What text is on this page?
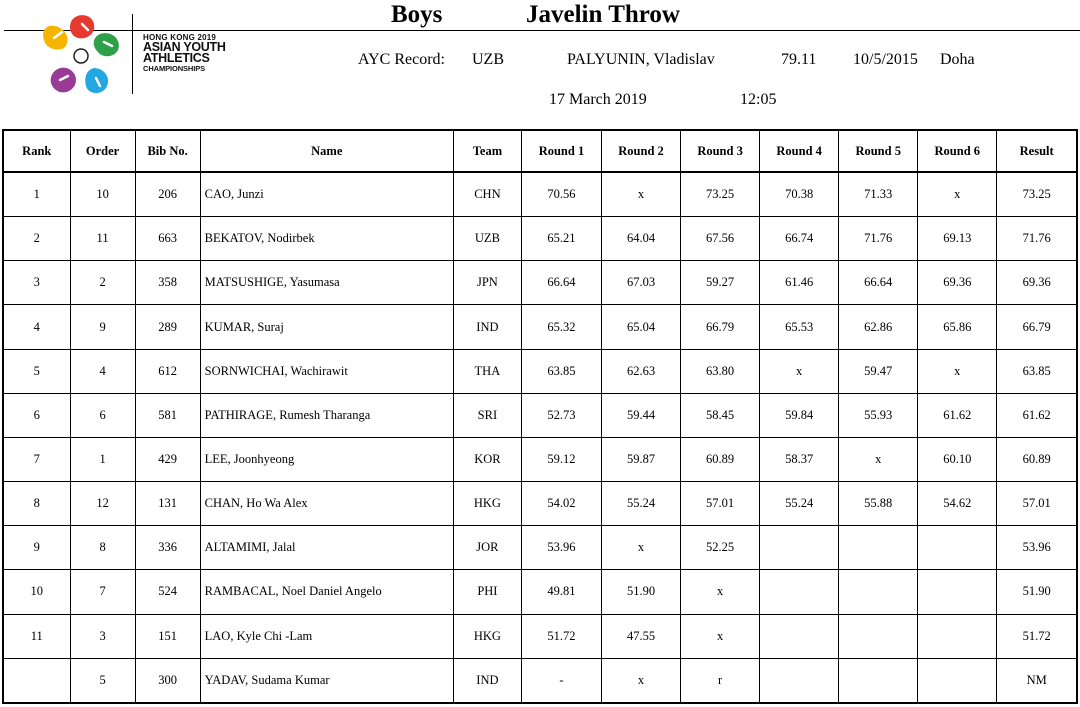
Boys	Javelin Throw
HONG KONG 2019
ASIAN YOUTH
ATHLETICS
CHAMPIONSHIPS
AYC Record: UZB	PALYUNIN, Vladislav	79.11 10/5/2015 Doha
17 March 2019	12:05
Rank	Order	Bib No.	Name	Team	Round 1	Round 2	Round 3	Round 4	Round 5	Round 6	Result
1	10	206	CAO, Junzi	CHN	70.56	x	73.25	70.38	71.33	x	73.25
2	11	663	BEKATOV, Nodirbek	UZB	65.21	64.04	67.56	66.74	71.76	69.13	71.76
3	2	358	MATSUSHIGE, Yasumasa	JPN	66.64	67.03	59.27	61.46	66.64	69.36	69.36
4	9	289	KUMAR, Suraj	IND	65.32	65.04	66.79	65.53	62.86	65.86	66.79
5	4	612	SORNWICHAI, Wachirawit	THA	63.85	62.63	63.80	x	59.47	x	63.85
6	6	581	PATHIRAGE, Rumesh Tharanga	SRI	52.73	59.44	58.45	59.84	55.93	61.62	61.62
7	1	429	LEE, Joonhyeong	KOR	59.12	59.87	60.89	58.37	x	60.10	60.89
8	12	131	CHAN, Ho Wa Alex	HKG	54.02	55.24	57.01	55.24	55.88	54.62	57.01
9	8	336	ALTAMIMI, Jalal	JOR	53.96	x	52.25				53.96
10	7	524	RAMBACAL, Noel Daniel Angelo	PHI	49.81	51.90	x				51.90
11	3	151	LAO, Kyle Chi -Lam	HKG	51.72	47.55	x				51.72
	5	300	YADAV, Sudama Kumar	IND	-	x	r				NM
